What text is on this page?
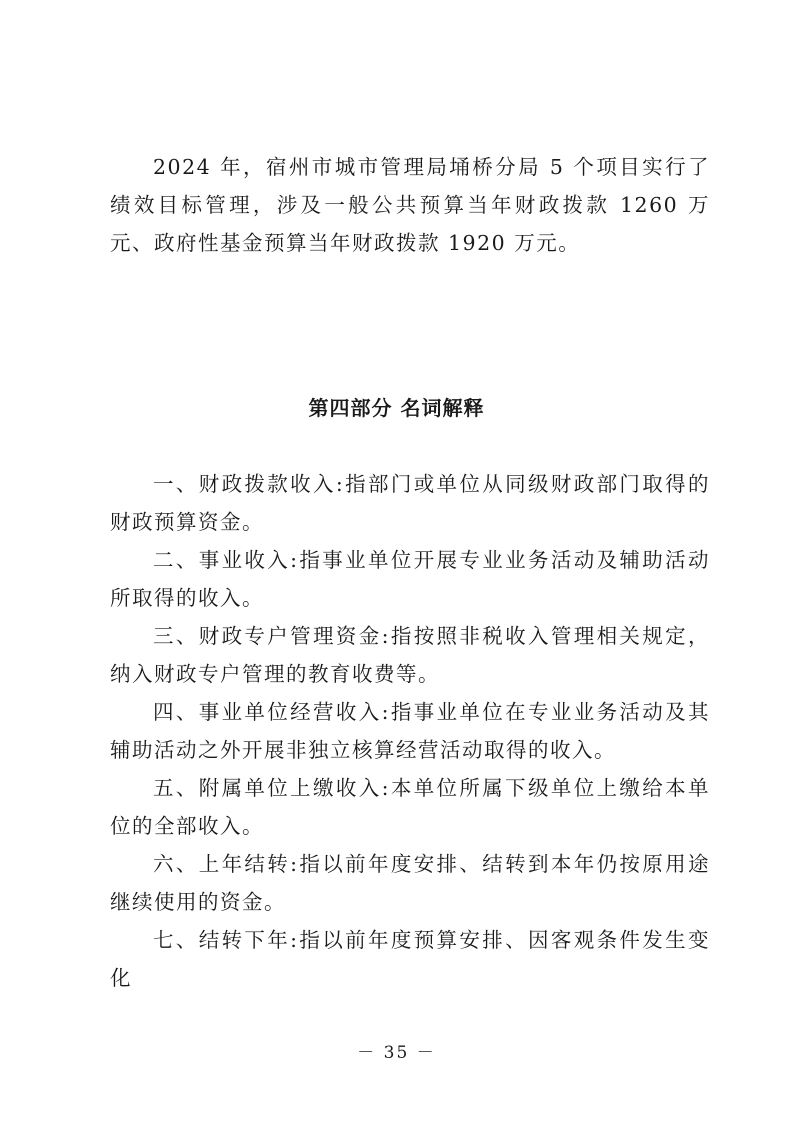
2024 年，宿州市城市管理局埇桥分局 5 个项目实行了绩效目标管理，涉及一般公共预算当年财政拨款 1260 万元、政府性基金预算当年财政拨款 1920 万元。

第四部分 名词解释

一、财政拨款收入:指部门或单位从同级财政部门取得的财政预算资金。

二、事业收入:指事业单位开展专业业务活动及辅助活动所取得的收入。

三、财政专户管理资金:指按照非税收入管理相关规定，纳入财政专户管理的教育收费等。

四、事业单位经营收入:指事业单位在专业业务活动及其辅助活动之外开展非独立核算经营活动取得的收入。

五、附属单位上缴收入:本单位所属下级单位上缴给本单位的全部收入。

六、上年结转:指以前年度安排、结转到本年仍按原用途继续使用的资金。

七、结转下年:指以前年度预算安排、因客观条件发生变化

－ 35 －
